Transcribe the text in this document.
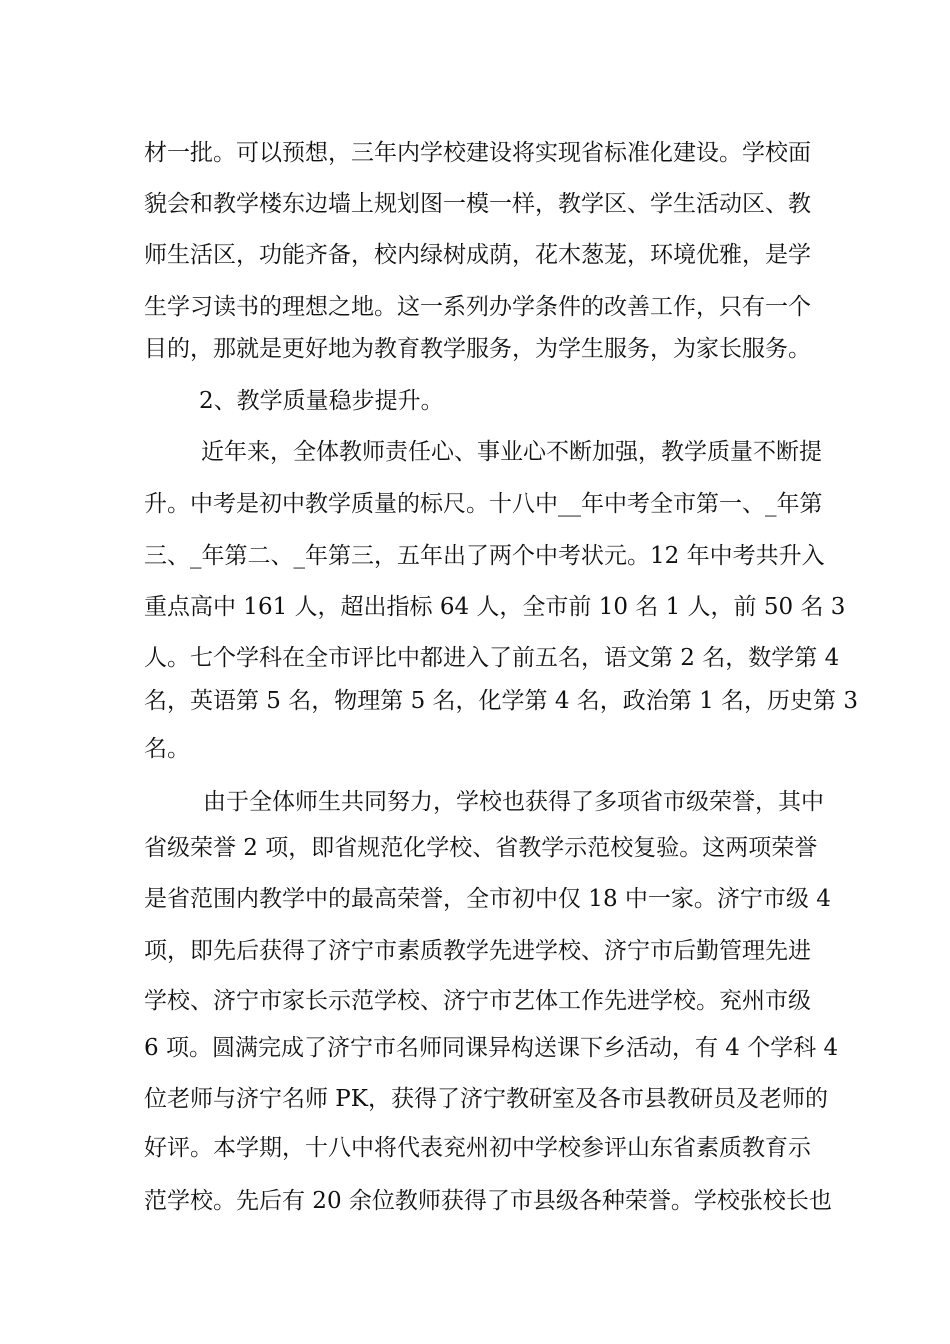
材一批。可以预想，三年内学校建设将实现省标准化建设。学校面
貌会和教学楼东边墙上规划图一模一样，教学区、学生活动区、教
师生活区，功能齐备，校内绿树成荫，花木葱茏，环境优雅，是学
生学习读书的理想之地。这一系列办学条件的改善工作，只有一个
目的，那就是更好地为教育教学服务，为学生服务，为家长服务。
2、教学质量稳步提升。
近年来，全体教师责任心、事业心不断加强，教学质量不断提
升。中考是初中教学质量的标尺。十八中__年中考全市第一、_年第
三、_年第二、_年第三，五年出了两个中考状元。12 年中考共升入
重点高中 161 人，超出指标 64 人，全市前 10 名 1 人，前 50 名 3
人。七个学科在全市评比中都进入了前五名，语文第 2 名，数学第 4
名，英语第 5 名，物理第 5 名，化学第 4 名，政治第 1 名，历史第 3
名。
由于全体师生共同努力，学校也获得了多项省市级荣誉，其中
省级荣誉 2 项，即省规范化学校、省教学示范校复验。这两项荣誉
是省范围内教学中的最高荣誉，全市初中仅 18 中一家。济宁市级 4
项，即先后获得了济宁市素质教学先进学校、济宁市后勤管理先进
学校、济宁市家长示范学校、济宁市艺体工作先进学校。兖州市级
6 项。圆满完成了济宁市名师同课异构送课下乡活动，有 4 个学科 4
位老师与济宁名师 PK，获得了济宁教研室及各市县教研员及老师的
好评。本学期，十八中将代表兖州初中学校参评山东省素质教育示
范学校。先后有 20 余位教师获得了市县级各种荣誉。学校张校长也
